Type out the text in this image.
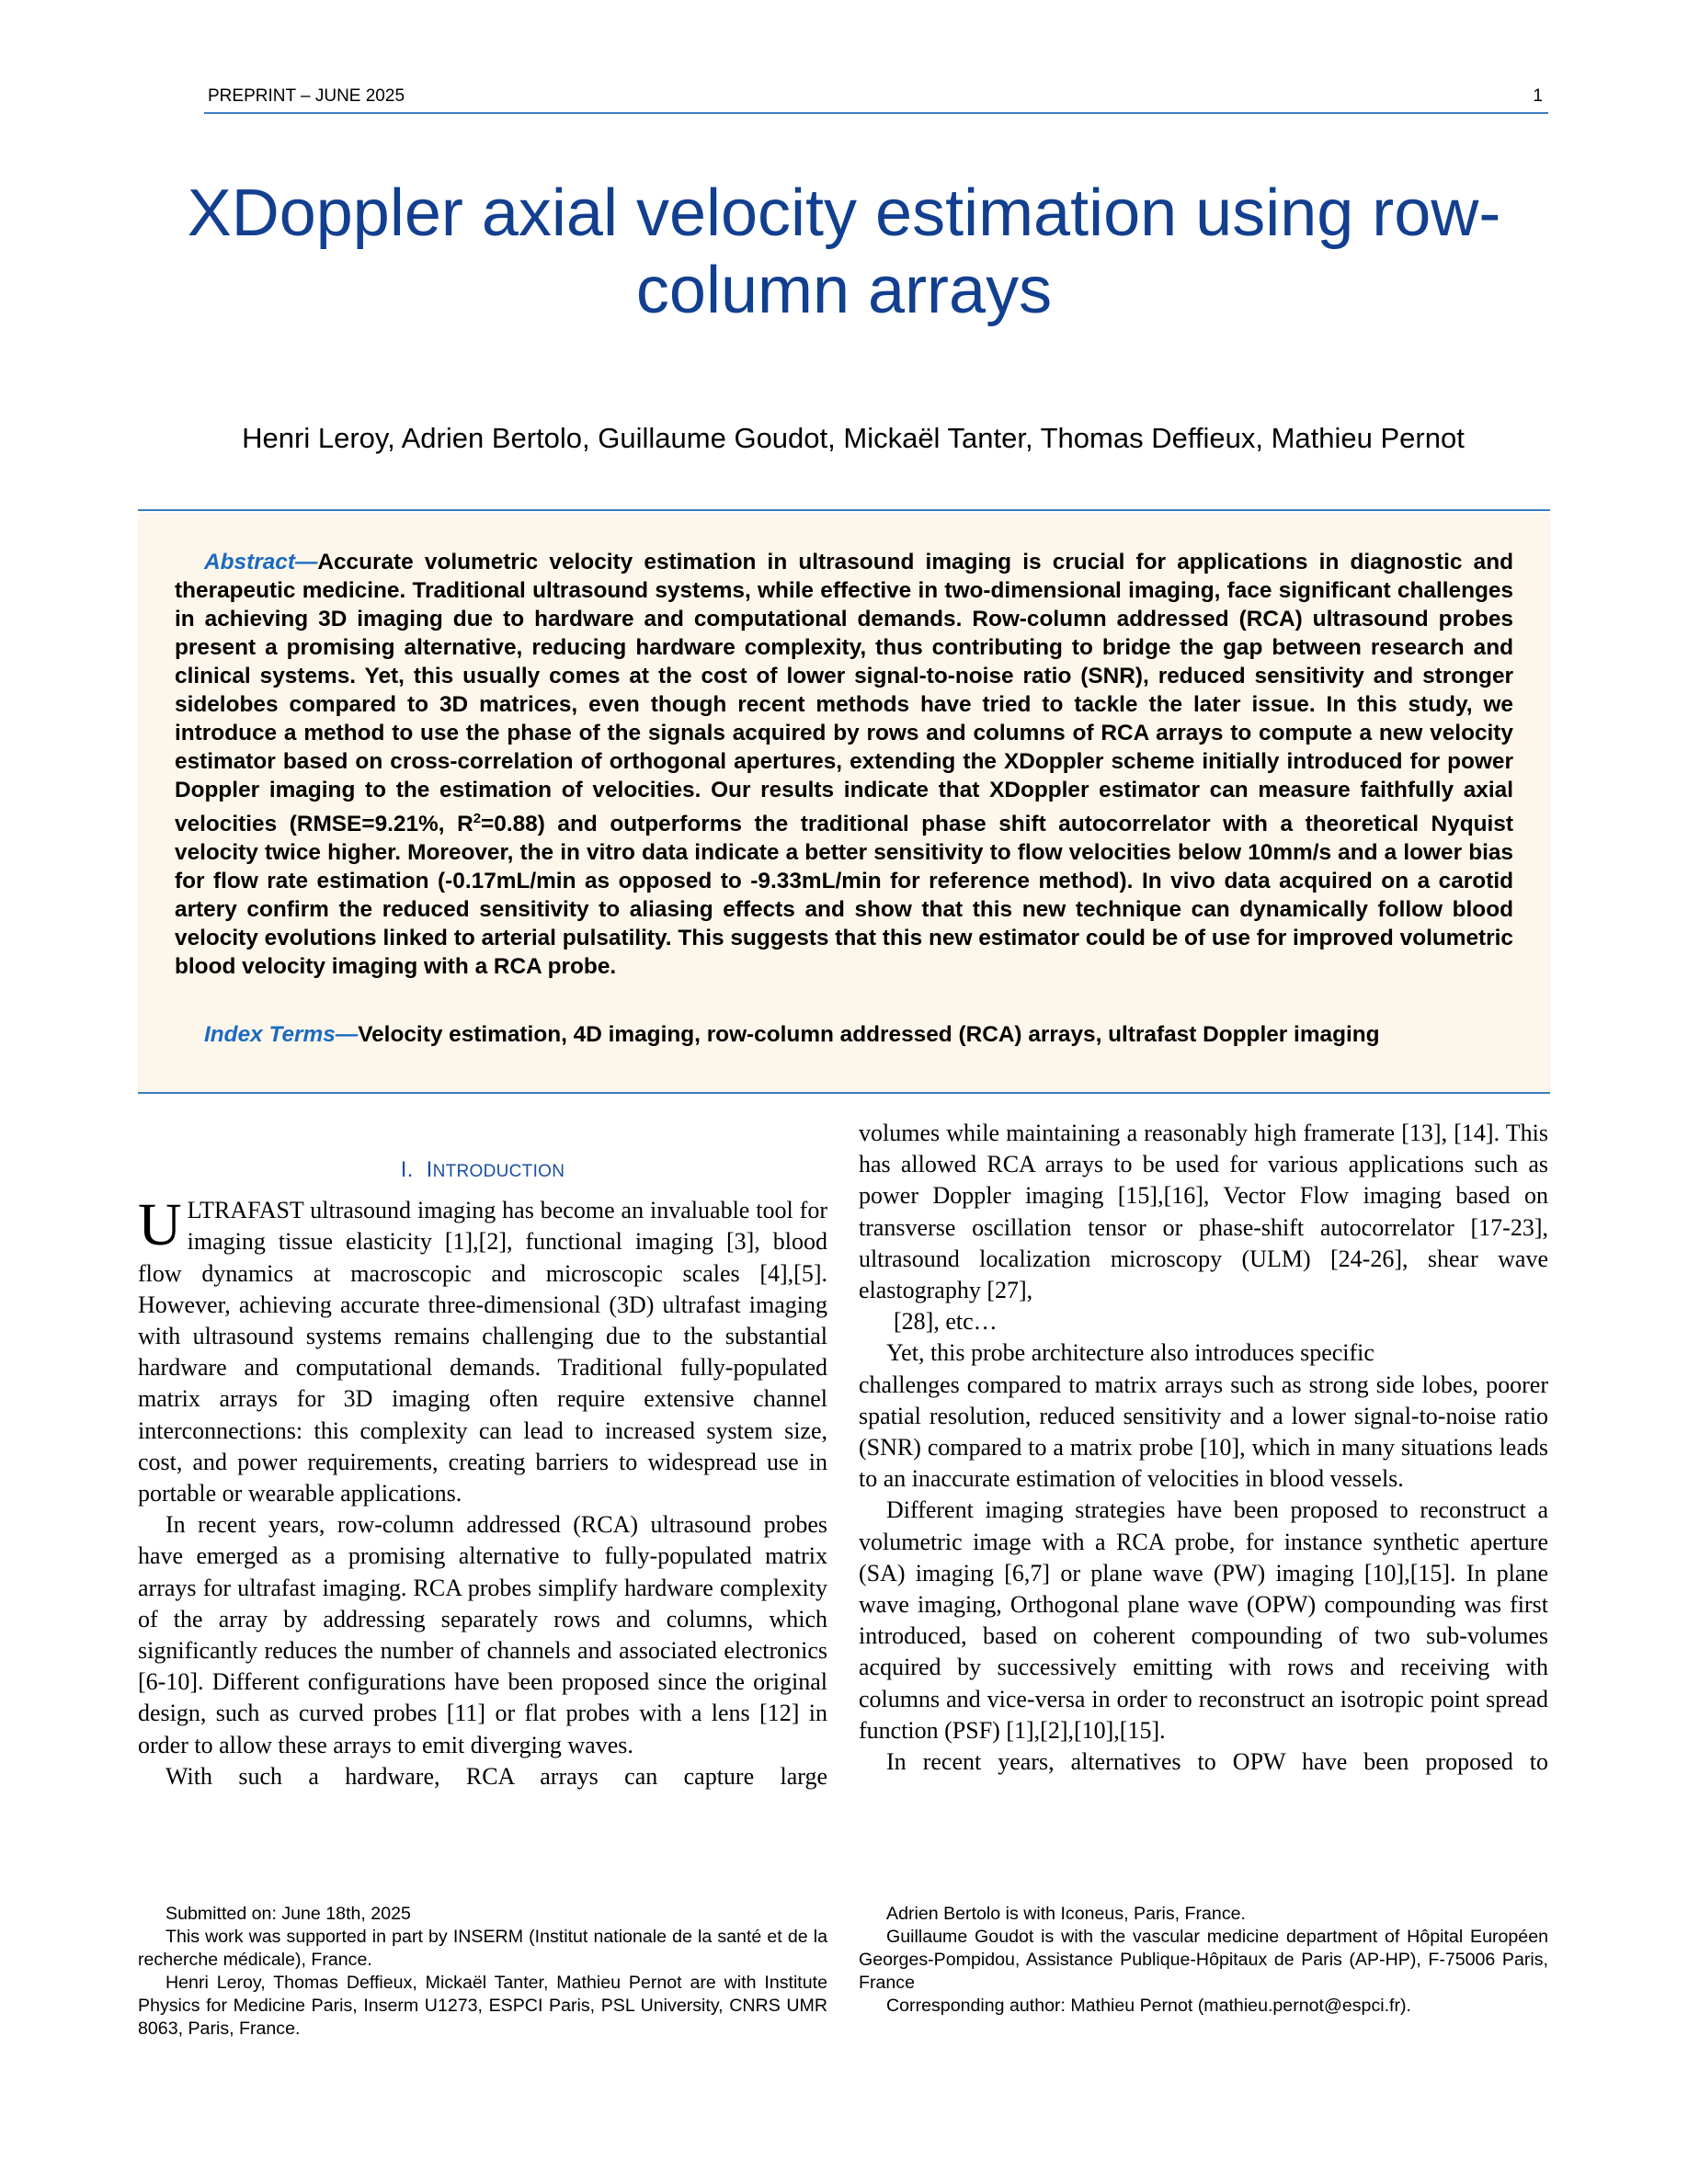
PREPRINT – JUNE 2025	1
XDoppler axial velocity estimation using row-column arrays
Henri Leroy, Adrien Bertolo, Guillaume Goudot, Mickaël Tanter, Thomas Deffieux, Mathieu Pernot

Abstract—Accurate volumetric velocity estimation in ultrasound imaging is crucial for applications in diagnostic and therapeutic medicine. Traditional ultrasound systems, while effective in two-dimensional imaging, face significant challenges in achieving 3D imaging due to hardware and computational demands. Row-column addressed (RCA) ultrasound probes present a promising alternative, reducing hardware complexity, thus contributing to bridge the gap between research and clinical systems. Yet, this usually comes at the cost of lower signal-to-noise ratio (SNR), reduced sensitivity and stronger sidelobes compared to 3D matrices, even though recent methods have tried to tackle the later issue. In this study, we introduce a method to use the phase of the signals acquired by rows and columns of RCA arrays to compute a new velocity estimator based on cross-correlation of orthogonal apertures, extending the XDoppler scheme initially introduced for power Doppler imaging to the estimation of velocities. Our results indicate that XDoppler estimator can measure faithfully axial velocities (RMSE=9.21%, $R^2=0.88$) and outperforms the traditional phase shift autocorrelator with a theoretical Nyquist velocity twice higher. Moreover, the in vitro data indicate a better sensitivity to flow velocities below 10mm/s and a lower bias for flow rate estimation (-0.17mL/min as opposed to -9.33mL/min for reference method). In vivo data acquired on a carotid artery confirm the reduced sensitivity to aliasing effects and show that this new technique can dynamically follow blood velocity evolutions linked to arterial pulsatility. This suggests that this new estimator could be of use for improved volumetric blood velocity imaging with a RCA probe.

Index Terms—Velocity estimation, 4D imaging, row-column addressed (RCA) arrays, ultrafast Doppler imaging

I. INTRODUCTION

ULTRAFAST ultrasound imaging has become an invaluable tool for imaging tissue elasticity [1],[2], functional imaging [3], blood flow dynamics at macroscopic and microscopic scales [4],[5]. However, achieving accurate three-dimensional (3D) ultrafast imaging with ultrasound systems remains challenging due to the substantial hardware and computational demands. Traditional fully-populated matrix arrays for 3D imaging often require extensive channel interconnections: this complexity can lead to increased system size, cost, and power requirements, creating barriers to widespread use in portable or wearable applications.

In recent years, row-column addressed (RCA) ultrasound probes have emerged as a promising alternative to fully-populated matrix arrays for ultrafast imaging. RCA probes simplify hardware complexity of the array by addressing separately rows and columns, which significantly reduces the number of channels and associated electronics [6-10]. Different configurations have been proposed since the original design, such as curved probes [11] or flat probes with a lens [12] in order to allow these arrays to emit diverging waves.

With such a hardware, RCA arrays can capture large

volumes while maintaining a reasonably high framerate [13], [14]. This has allowed RCA arrays to be used for various applications such as power Doppler imaging [15],[16], Vector Flow imaging based on transverse oscillation tensor or phase-shift autocorrelator [17-23], ultrasound localization microscopy (ULM) [24-26], shear wave elastography [27],

[28], etc…

Yet, this probe architecture also introduces specific

challenges compared to matrix arrays such as strong side lobes, poorer spatial resolution, reduced sensitivity and a lower signal-to-noise ratio (SNR) compared to a matrix probe [10], which in many situations leads to an inaccurate estimation of velocities in blood vessels.

Different imaging strategies have been proposed to reconstruct a volumetric image with a RCA probe, for instance synthetic aperture (SA) imaging [6,7] or plane wave (PW) imaging [10],[15]. In plane wave imaging, Orthogonal plane wave (OPW) compounding was first introduced, based on coherent compounding of two sub-volumes acquired by successively emitting with rows and receiving with columns and vice-versa in order to reconstruct an isotropic point spread function (PSF) [1],[2],[10],[15].

In recent years, alternatives to OPW have been proposed to

Submitted on: June 18th, 2025

This work was supported in part by INSERM (Institut nationale de la santé et de la recherche médicale), France.

Henri Leroy, Thomas Deffieux, Mickaël Tanter, Mathieu Pernot are with Institute Physics for Medicine Paris, Inserm U1273, ESPCI Paris, PSL University, CNRS UMR 8063, Paris, France.

Adrien Bertolo is with Iconeus, Paris, France.

Guillaume Goudot is with the vascular medicine department of Hôpital Européen Georges-Pompidou, Assistance Publique-Hôpitaux de Paris (AP-HP), F-75006 Paris, France

Corresponding author: Mathieu Pernot (mathieu.pernot@espci.fr).
